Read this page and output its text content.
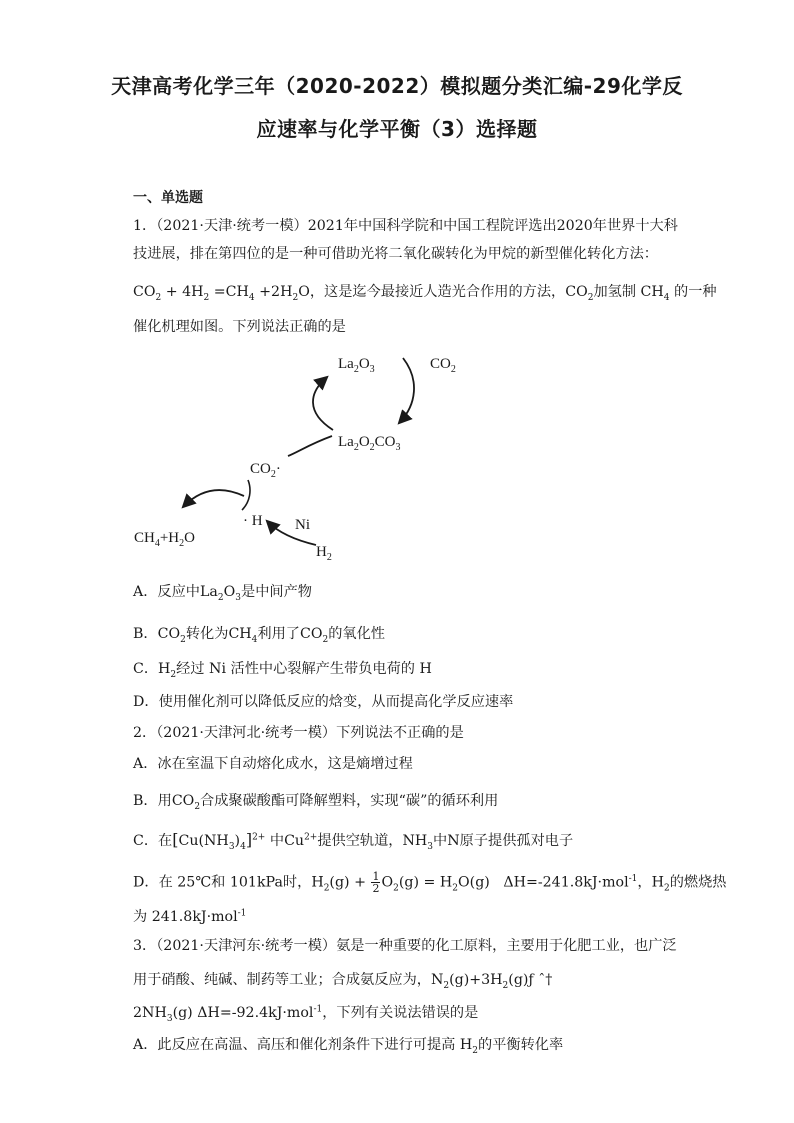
天津高考化学三年（2020-2022）模拟题分类汇编-29化学反
应速率与化学平衡（3）选择题
一、单选题
1．（2021·天津·统考一模）2021年中国科学院和中国工程院评选出2020年世界十大科
技进展，排在第四位的是一种可借助光将二氧化碳转化为甲烷的新型催化转化方法：
$CO_2 + 4H_2 =CH_4 +2H_2O$，这是迄今最接近人造光合作用的方法，$CO_2$加氢制 $CH_4$ 的一种
催化机理如图。下列说法正确的是
$La_2O_3$	$CO_2$
$La_2O_2CO_3$
$CO_2\cdot$
· H Ni
$H_2$
$CH_4+H_2O$
A．反应中$La_2O_3$是中间产物
B．$CO_2$转化为$CH_4$利用了$CO_2$的氧化性
C．$H_2$经过 Ni 活性中心裂解产生带负电荷的 H
D．使用催化剂可以降低反应的焓变，从而提高化学反应速率
2．（2021·天津河北·统考一模）下列说法不正确的是
A．冰在室温下自动熔化成水，这是熵增过程
B．用$CO_2$合成聚碳酸酯可降解塑料，实现“碳”的循环利用
C．在$[Cu(NH_3)_4]^{2+}$ 中$Cu^{2+}$提供空轨道，$NH_3$中N原子提供孤对电子
D．在 25℃和 101kPa时，$H_2(g) + \frac{1}{2} O_2(g) = H_2O(g)$   ΔH=-241.8kJ·mol$^{-1}$，$H_2$的燃烧热
为 241.8kJ·mol$^{-1}$
3．（2021·天津河东·统考一模）氨是一种重要的化工原料，主要用于化肥工业，也广泛
用于硝酸、纯碱、制药等工业；合成氨反应为，$N_2(g)+3H_2(g)ƒ$ ˆ†
$2NH_3(g)$ ΔH=-92.4kJ·mol$^{-1}$，下列有关说法错误的是
A．此反应在高温、高压和催化剂条件下进行可提高 $H_2$的平衡转化率
